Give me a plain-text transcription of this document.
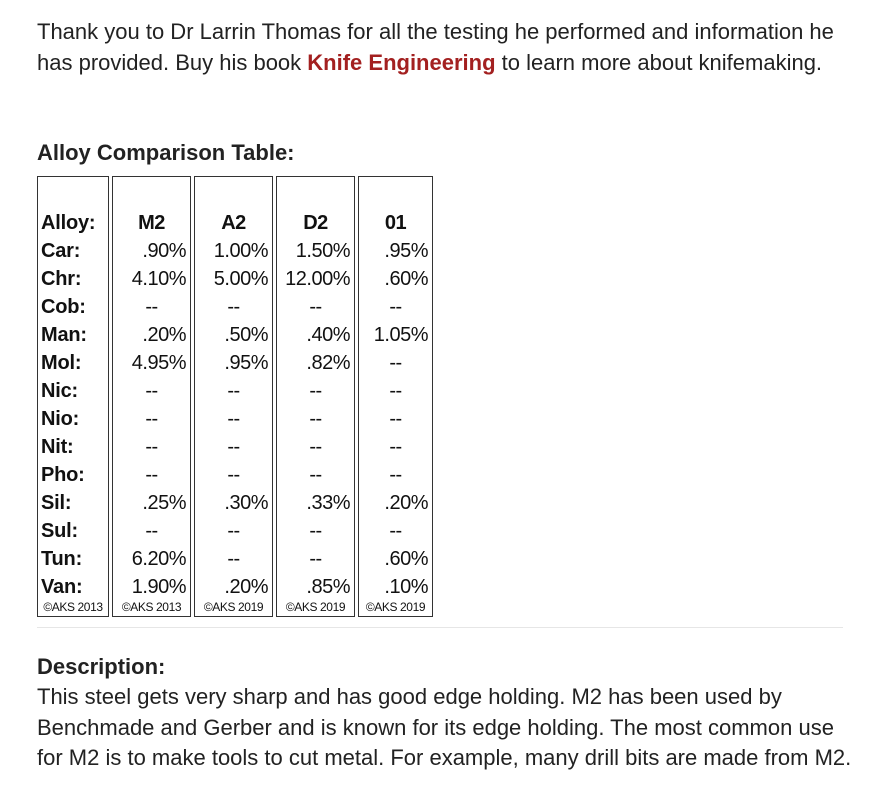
Thank you to Dr Larrin Thomas for all the testing he performed and information he has provided. Buy his book Knife Engineering to learn more about knifemaking.

Alloy Comparison Table:
Alloy:
Car:
Chr:
Cob:
Man:
Mol:
Nic:
Nio:
Nit:
Pho:
Sil:
Sul:
Tun:
Van:
©AKS 2013
M2
.90%
4.10%
--
.20%
4.95%
--
--
--
--
.25%
--
6.20%
1.90%
©AKS 2013
A2
1.00%
5.00%
--
.50%
.95%
--
--
--
--
.30%
--
--
.20%
©AKS 2019
D2
1.50%
12.00%
--
.40%
.82%
--
--
--
--
.33%
--
--
.85%
©AKS 2019
01
.95%
.60%
--
1.05%
--
--
--
--
--
.20%
--
.60%
.10%
©AKS 2019
Description:

This steel gets very sharp and has good edge holding. M2 has been used by Benchmade and Gerber and is known for its edge holding. The most common use for M2 is to make tools to cut metal. For example, many drill bits are made from M2.
